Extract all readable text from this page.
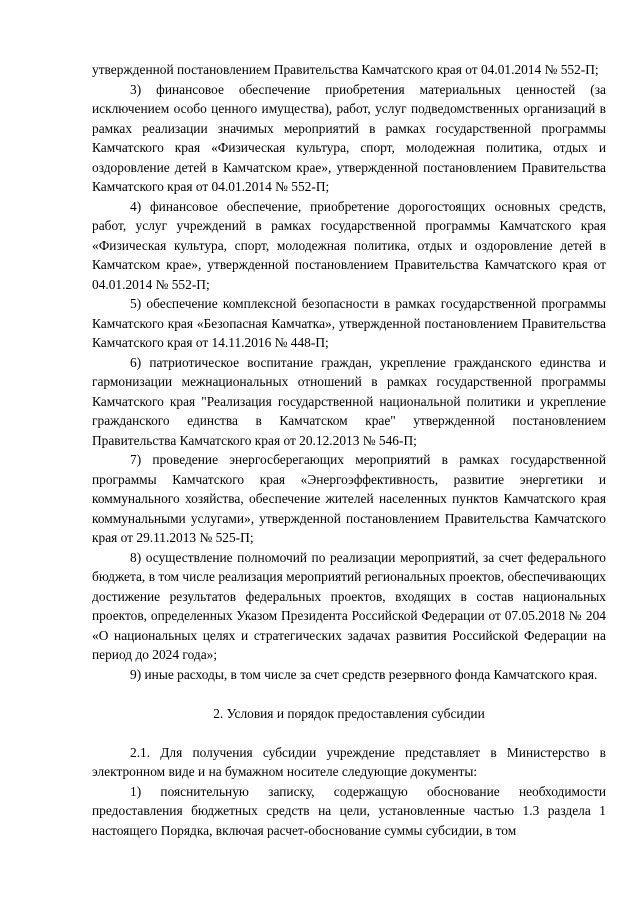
утвержденной постановлением Правительства Камчатского края от 04.01.2014 № 552-П;

3) финансовое обеспечение приобретения материальных ценностей (за исключением особо ценного имущества), работ, услуг подведомственных организаций в рамках реализации значимых мероприятий в рамках государственной программы Камчатского края «Физическая культура, спорт, молодежная политика, отдых и оздоровление детей в Камчатском крае», утвержденной постановлением Правительства Камчатского края от 04.01.2014 № 552-П;

4) финансовое обеспечение, приобретение дорогостоящих основных средств, работ, услуг учреждений в рамках государственной программы Камчатского края «Физическая культура, спорт, молодежная политика, отдых и оздоровление детей в Камчатском крае», утвержденной постановлением Правительства Камчатского края от 04.01.2014 № 552-П;

5) обеспечение комплексной безопасности в рамках государственной программы Камчатского края «Безопасная Камчатка», утвержденной постановлением Правительства Камчатского края от 14.11.2016 № 448-П;

6) патриотическое воспитание граждан, укрепление гражданского единства и гармонизации межнациональных отношений в рамках государственной программы Камчатского края "Реализация государственной национальной политики и укрепление гражданского единства в Камчатском крае" утвержденной постановлением Правительства Камчатского края от 20.12.2013 № 546-П;

7) проведение энергосберегающих мероприятий в рамках государственной программы Камчатского края «Энергоэффективность, развитие энергетики и коммунального хозяйства, обеспечение жителей населенных пунктов Камчатского края коммунальными услугами», утвержденной постановлением Правительства Камчатского края от 29.11.2013 № 525-П;

8) осуществление полномочий по реализации мероприятий, за счет федерального бюджета, в том числе реализация мероприятий региональных проектов, обеспечивающих достижение результатов федеральных проектов, входящих в состав национальных проектов, определенных Указом Президента Российской Федерации от 07.05.2018 № 204 «О национальных целях и стратегических задачах развития Российской Федерации на период до 2024 года»;

9) иные расходы, в том числе за счет средств резервного фонда Камчатского края.

2. Условия и порядок предоставления субсидии

2.1. Для получения субсидии учреждение представляет в Министерство в электронном виде и на бумажном носителе следующие документы:

1) пояснительную записку, содержащую обоснование необходимости предоставления бюджетных средств на цели, установленные частью 1.3 раздела 1 настоящего Порядка, включая расчет-обоснование суммы субсидии, в том
